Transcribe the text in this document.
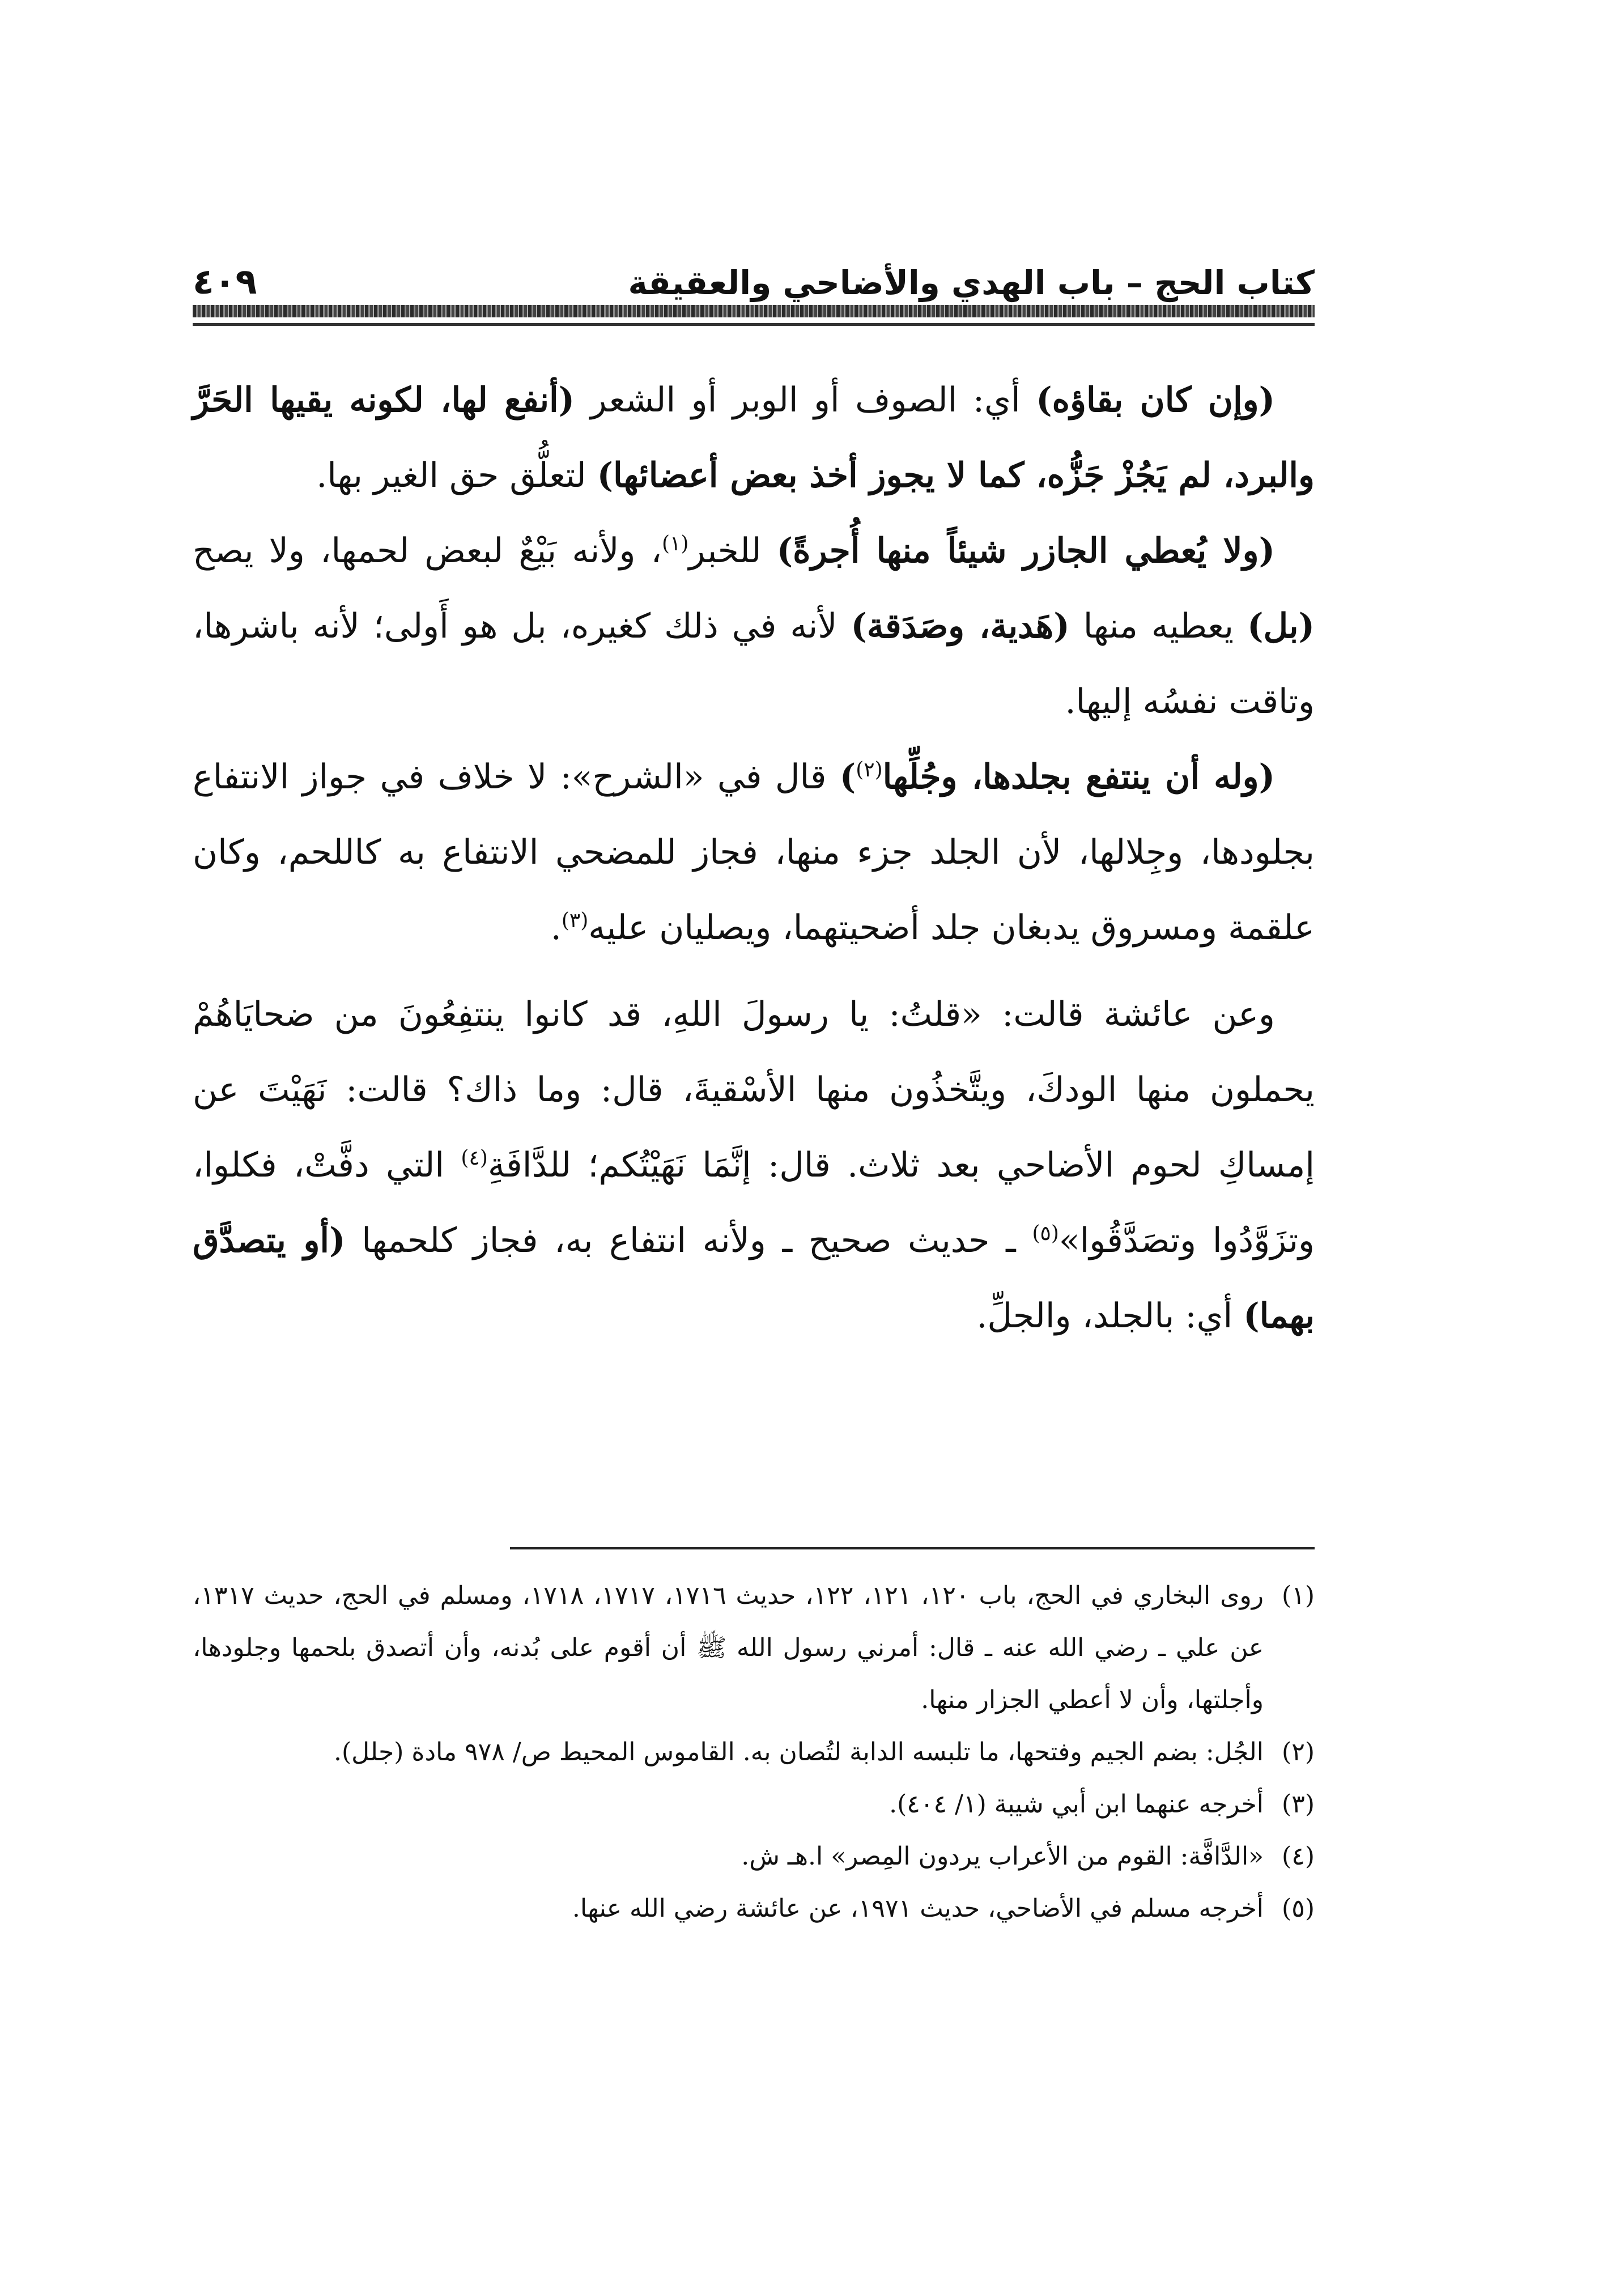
كتاب الحج – باب الهدي والأضاحي والعقيقة
٤٠٩

(وإن كان بقاؤه) أي: الصوف أو الوبر أو الشعر (أنفع لها، لكونه يقيها الحَرَّ والبرد، لم يَجُزْ جَزُّه، كما لا يجوز أخذ بعض أعضائها) لتعلُّق حق الغير بها.

(ولا يُعطي الجازر شيئاً منها أُجرةً) للخبر$^{(١)}$، ولأنه بَيْعٌ لبعض لحمها، ولا يصح (بل) يعطيه منها (هَدية، وصَدَقة) لأنه في ذلك كغيره، بل هو أَولى؛ لأنه باشرها، وتاقت نفسُه إليها.

(وله أن ينتفع بجلدها، وجُلِّها$^{(٢)}$) قال في «الشرح»: لا خلاف في جواز الانتفاع بجلودها، وجِلالها، لأن الجلد جزء منها، فجاز للمضحي الانتفاع به كاللحم، وكان علقمة ومسروق يدبغان جلد أضحيتهما، ويصليان عليه$^{(٣)}$.

وعن عائشة قالت: «قلتُ: يا رسولَ اللهِ، قد كانوا ينتفِعُونَ من ضحايَاهُمْ يحملون منها الودكَ، ويتَّخذُون منها الأسْقيةَ، قال: وما ذاك؟ قالت: نَهَيْتَ عن إمساكِ لحوم الأضاحي بعد ثلاث. قال: إنَّمَا نَهَيْتُكم؛ للدَّافَةِ$^{(٤)}$ التي دفَّتْ، فكلوا، وتزَوَّدُوا وتصَدَّقُوا»$^{(٥)}$ ـ حديث صحيح ـ ولأنه انتفاع به، فجاز كلحمها (أو يتصدَّق بهما) أي: بالجلد، والجلِّ.

(١)روى البخاري في الحج، باب ١٢٠، ١٢١، ١٢٢، حديث ١٧١٦، ١٧١٧، ١٧١٨، ومسلم في الحج، حديث ١٣١٧، عن علي ـ رضي الله عنه ـ قال: أمرني رسول الله ﷺ أن أقوم على بُدنه، وأن أتصدق بلحمها وجلودها، وأجلتها، وأن لا أعطي الجزار منها.

(٢)الجُل: بضم الجيم وفتحها، ما تلبسه الدابة لتُصان به. القاموس المحيط ص/ ٩٧٨ مادة (جلل).

(٣)أخرجه عنهما ابن أبي شيبة (١/ ٤٠٤).

(٤)«الدَّافَّة: القوم من الأعراب يردون المِصر» ا.هـ ش.

(٥)أخرجه مسلم في الأضاحي، حديث ١٩٧١، عن عائشة رضي الله عنها.
